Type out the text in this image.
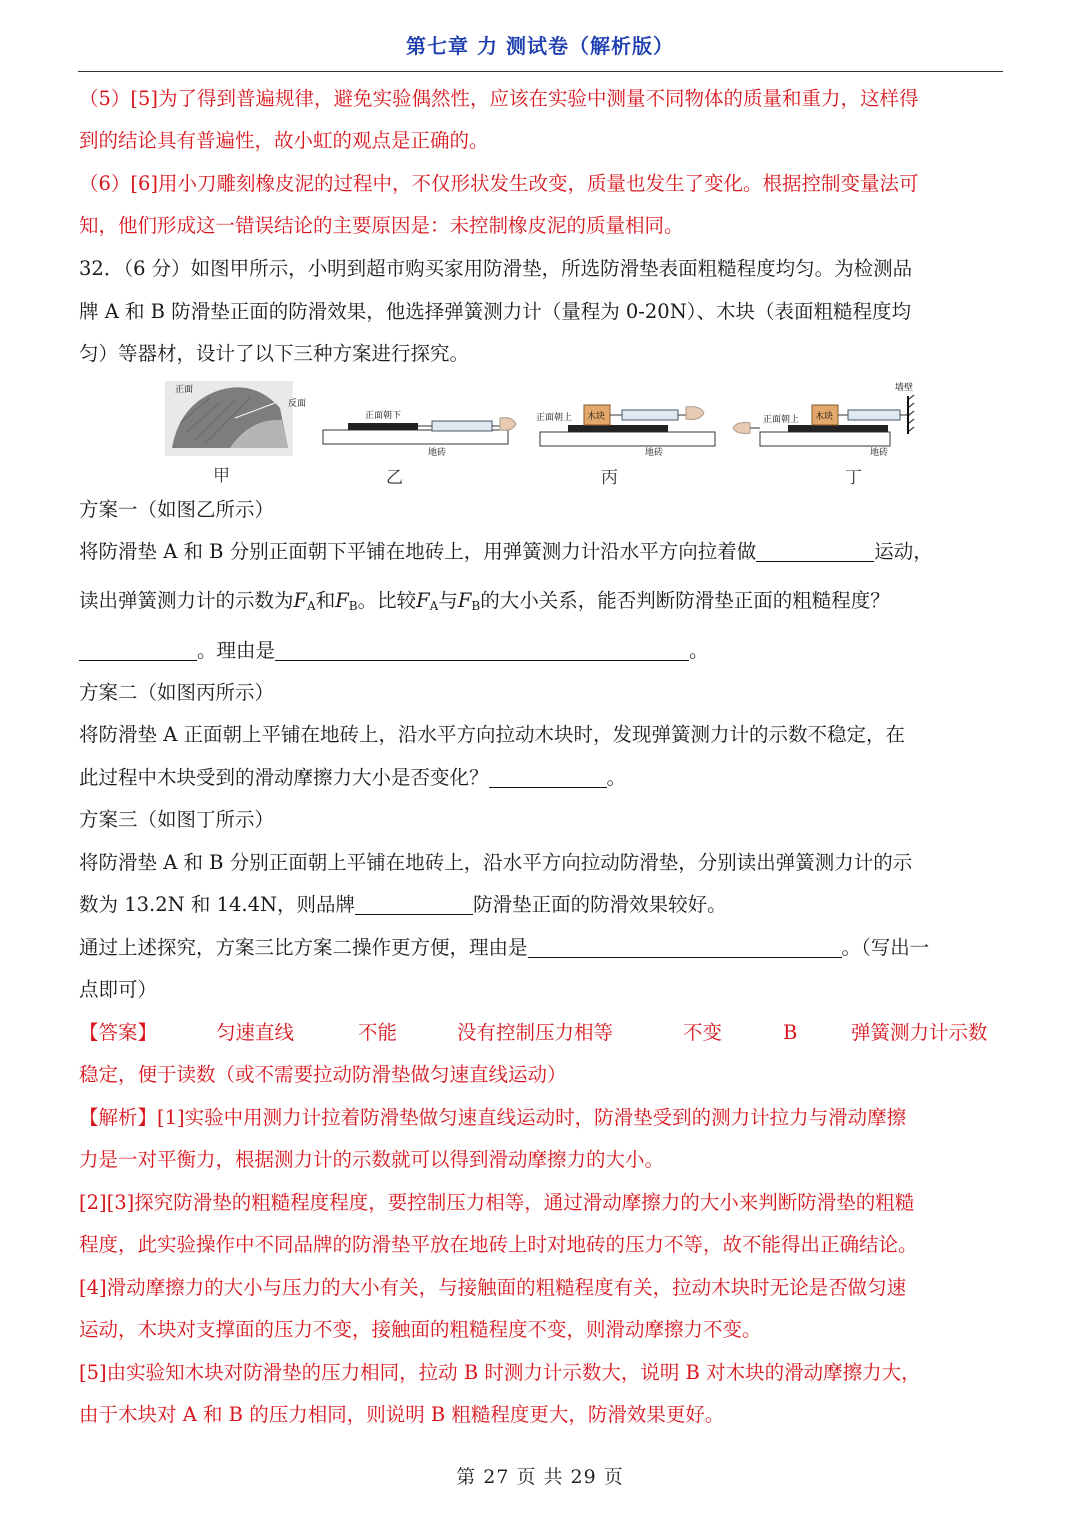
第七章 力 测试卷（解析版）
（5）[5]为了得到普遍规律，避免实验偶然性，应该在实验中测量不同物体的质量和重力，这样得
到的结论具有普遍性，故小虹的观点是正确的。
（6）[6]用小刀雕刻橡皮泥的过程中，不仅形状发生改变，质量也发生了变化。根据控制变量法可
知，他们形成这一错误结论的主要原因是：未控制橡皮泥的质量相同。
32．（6 分）如图甲所示，小明到超市购买家用防滑垫，所选防滑垫表面粗糙程度均匀。为检测品
牌 A 和 B 防滑垫正面的防滑效果，他选择弹簧测力计（量程为 0-20N）、木块（表面粗糙程度均
匀）等器材，设计了以下三种方案进行探究。
正面
反面
正面朝下
地砖
木块
正面朝上
地砖
木块
墙壁
正面朝上
地砖
甲	乙	丙	丁
方案一（如图乙所示）
将防滑垫 A 和 B 分别正面朝下平铺在地砖上，用弹簧测力计沿水平方向拉着做	运动，
读出弹簧测力计的示数为$F_A$和$F_B$。比较$F_A$与$F_B$的大小关系，能否判断防滑垫正面的粗糙程度？
。理由是	。
方案二（如图丙所示）
将防滑垫 A 正面朝上平铺在地砖上，沿水平方向拉动木块时，发现弹簧测力计的示数不稳定，在
此过程中木块受到的滑动摩擦力大小是否变化？	。
方案三（如图丁所示）
将防滑垫 A 和 B 分别正面朝上平铺在地砖上，沿水平方向拉动防滑垫，分别读出弹簧测力计的示
数为 13.2N 和 14.4N，则品牌	防滑垫正面的防滑效果较好。
通过上述探究，方案三比方案二操作更方便，理由是	。（写出一
点即可）
【答案】	匀速直线	不能	没有控制压力相等	不变	B	弹簧测力计示数
稳定，便于读数（或不需要拉动防滑垫做匀速直线运动）
【解析】[1]实验中用测力计拉着防滑垫做匀速直线运动时，防滑垫受到的测力计拉力与滑动摩擦
力是一对平衡力，根据测力计的示数就可以得到滑动摩擦力的大小。
[2][3]探究防滑垫的粗糙程度程度，要控制压力相等，通过滑动摩擦力的大小来判断防滑垫的粗糙
程度，此实验操作中不同品牌的防滑垫平放在地砖上时对地砖的压力不等，故不能得出正确结论。
[4]滑动摩擦力的大小与压力的大小有关，与接触面的粗糙程度有关，拉动木块时无论是否做匀速
运动，木块对支撑面的压力不变，接触面的粗糙程度不变，则滑动摩擦力不变。
[5]由实验知木块对防滑垫的压力相同，拉动 B 时测力计示数大，说明 B 对木块的滑动摩擦力大，
由于木块对 A 和 B 的压力相同，则说明 B 粗糙程度更大，防滑效果更好。
第 27 页 共 29 页
